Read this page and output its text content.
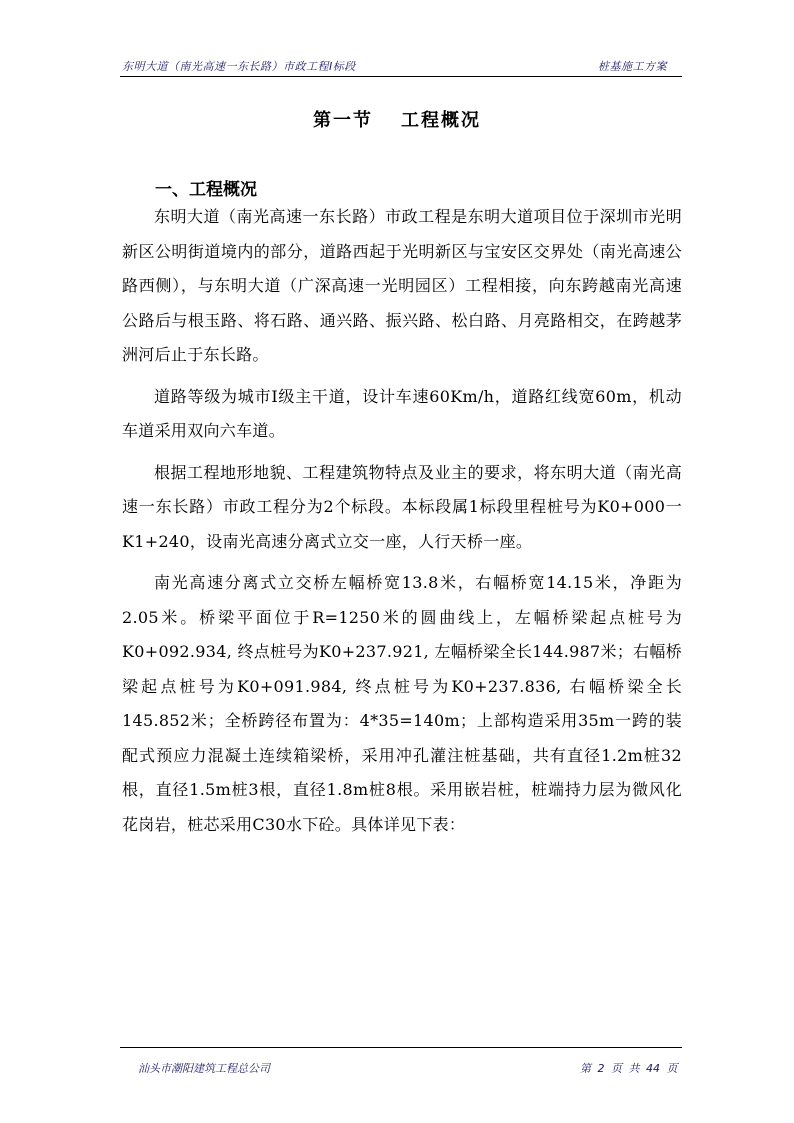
东明大道（南光高速一东长路）市政工程Ⅰ标段	桩基施工方案
第一节 工程概况
一、工程概况

东明大道（南光高速一东长路）市政工程是东明大道项目位于深圳市光明新区公明街道境内的部分，道路西起于光明新区与宝安区交界处（南光高速公路西侧），与东明大道（广深高速一光明园区）工程相接，向东跨越南光高速公路后与根玉路、将石路、通兴路、振兴路、松白路、月亮路相交，在跨越茅洲河后止于东长路。

道路等级为城市Ⅰ级主干道，设计车速60Km/h，道路红线宽60m，机动车道采用双向六车道。

根据工程地形地貌、工程建筑物特点及业主的要求，将东明大道（南光高速一东长路）市政工程分为2个标段。本标段属1标段里程桩号为K0+000一K1+240，设南光高速分离式立交一座，人行天桥一座。

南光高速分离式立交桥左幅桥宽13.8米，右幅桥宽14.15米，净距为2.05米。桥梁平面位于R=1250米的圆曲线上，左幅桥梁起点桩号为K0+092.934, 终点桩号为K0+237.921, 左幅桥梁全长144.987米；右幅桥梁起点桩号为K0+091.984, 终点桩号为K0+237.836, 右幅桥梁全长145.852米；全桥跨径布置为：4*35=140m；上部构造采用35m一跨的装配式预应力混凝土连续箱梁桥，采用冲孔灌注桩基础，共有直径1.2m桩32根，直径1.5m桩3根，直径1.8m桩8根。采用嵌岩桩，桩端持力层为微风化花岗岩，桩芯采用C30水下砼。具体详见下表：

汕头市潮阳建筑工程总公司	第 2 页 共 44 页
